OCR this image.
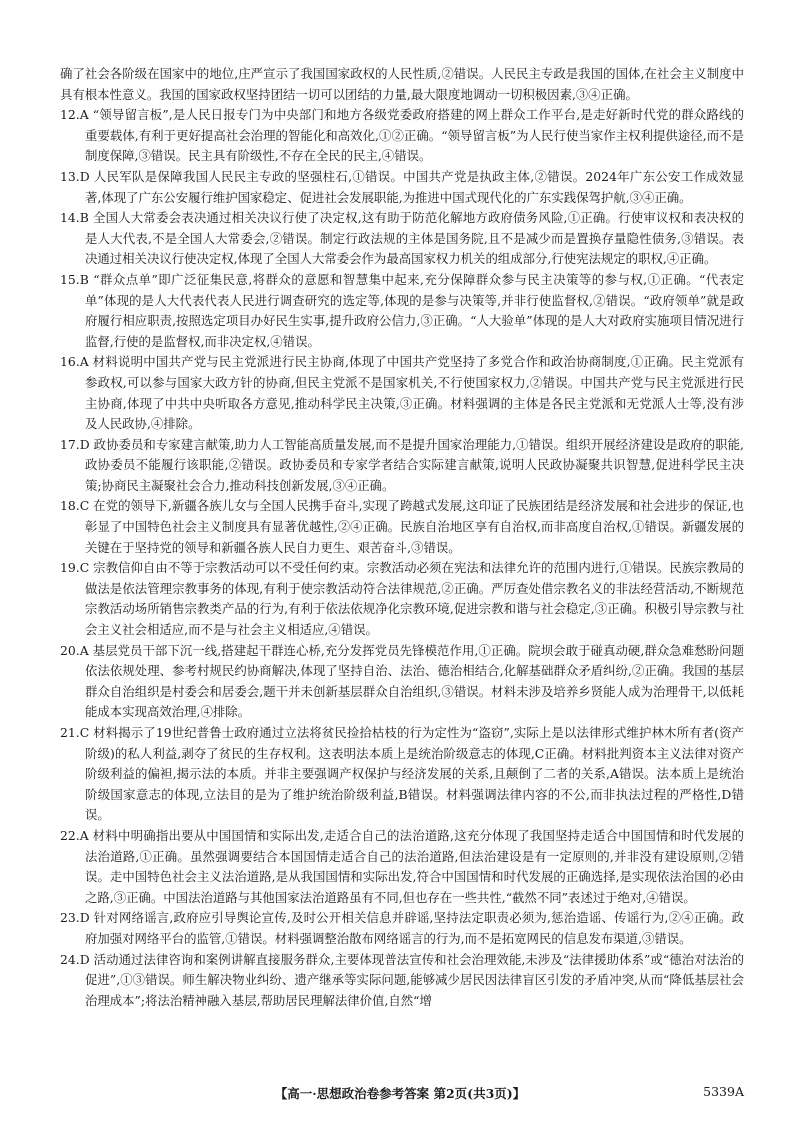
确了社会各阶级在国家中的地位,庄严宣示了我国国家政权的人民性质,②错误。人民民主专政是我国的国体,在社会主义制度中具有根本性意义。我国的国家政权坚持团结一切可以团结的力量,最大限度地调动一切积极因素,③④正确。

12.A “领导留言板”,是人民日报专门为中央部门和地方各级党委政府搭建的网上群众工作平台,是走好新时代党的群众路线的重要载体,有利于更好提高社会治理的智能化和高效化,①②正确。“领导留言板”为人民行使当家作主权利提供途径,而不是制度保障,③错误。民主具有阶级性,不存在全民的民主,④错误。

13.D 人民军队是保障我国人民民主专政的坚强柱石,①错误。中国共产党是执政主体,②错误。2024年广东公安工作成效显著,体现了广东公安履行维护国家稳定、促进社会发展职能,为推进中国式现代化的广东实践保驾护航,③④正确。

14.B 全国人大常委会表决通过相关决议行使了决定权,这有助于防范化解地方政府债务风险,①正确。行使审议权和表决权的是人大代表,不是全国人大常委会,②错误。制定行政法规的主体是国务院,且不是减少而是置换存量隐性债务,③错误。表决通过相关决议行使决定权,体现了全国人大常委会作为最高国家权力机关的组成部分,行使宪法规定的职权,④正确。

15.B “群众点单”即广泛征集民意,将群众的意愿和智慧集中起来,充分保障群众参与民主决策等的参与权,①正确。“代表定单”体现的是人大代表代表人民进行调查研究的选定等,体现的是参与决策等,并非行使监督权,②错误。“政府领单”就是政府履行相应职责,按照选定项目办好民生实事,提升政府公信力,③正确。“人大验单”体现的是人大对政府实施项目情况进行监督,行使的是监督权,而非决定权,④错误。

16.A 材料说明中国共产党与民主党派进行民主协商,体现了中国共产党坚持了多党合作和政治协商制度,①正确。民主党派有参政权,可以参与国家大政方针的协商,但民主党派不是国家机关,不行使国家权力,②错误。中国共产党与民主党派进行民主协商,体现了中共中央听取各方意见,推动科学民主决策,③正确。材料强调的主体是各民主党派和无党派人士等,没有涉及人民政协,④排除。

17.D 政协委员和专家建言献策,助力人工智能高质量发展,而不是提升国家治理能力,①错误。组织开展经济建设是政府的职能,政协委员不能履行该职能,②错误。政协委员和专家学者结合实际建言献策,说明人民政协凝聚共识智慧,促进科学民主决策;协商民主凝聚社会合力,推动科技创新发展,③④正确。

18.C 在党的领导下,新疆各族儿女与全国人民携手奋斗,实现了跨越式发展,这印证了民族团结是经济发展和社会进步的保证,也彰显了中国特色社会主义制度具有显著优越性,②④正确。民族自治地区享有自治权,而非高度自治权,①错误。新疆发展的关键在于坚持党的领导和新疆各族人民自力更生、艰苦奋斗,③错误。

19.C 宗教信仰自由不等于宗教活动可以不受任何约束。宗教活动必须在宪法和法律允许的范围内进行,①错误。民族宗教局的做法是依法管理宗教事务的体现,有利于使宗教活动符合法律规范,②正确。严厉查处借宗教名义的非法经营活动,不断规范宗教活动场所销售宗教类产品的行为,有利于依法依规净化宗教环境,促进宗教和谐与社会稳定,③正确。积极引导宗教与社会主义社会相适应,而不是与社会主义相适应,④错误。

20.A 基层党员干部下沉一线,搭建起干群连心桥,充分发挥党员先锋模范作用,①正确。院坝会敢于碰真动硬,群众急难愁盼问题依法依规处理、参考村规民约协商解决,体现了坚持自治、法治、德治相结合,化解基础群众矛盾纠纷,②正确。我国的基层群众自治组织是村委会和居委会,题干并未创新基层群众自治组织,③错误。材料未涉及培养乡贤能人成为治理骨干,以低耗能成本实现高效治理,④排除。

21.C 材料揭示了19世纪普鲁士政府通过立法将贫民捡拾枯枝的行为定性为“盗窃”,实际上是以法律形式维护林木所有者(资产阶级)的私人利益,剥夺了贫民的生存权利。这表明法本质上是统治阶级意志的体现,C正确。材料批判资本主义法律对资产阶级利益的偏袒,揭示法的本质。并非主要强调产权保护与经济发展的关系,且颠倒了二者的关系,A错误。法本质上是统治阶级国家意志的体现,立法目的是为了维护统治阶级利益,B错误。材料强调法律内容的不公,而非执法过程的严格性,D错误。

22.A 材料中明确指出要从中国国情和实际出发,走适合自己的法治道路,这充分体现了我国坚持走适合中国国情和时代发展的法治道路,①正确。虽然强调要结合本国国情走适合自己的法治道路,但法治建设是有一定原则的,并非没有建设原则,②错误。走中国特色社会主义法治道路,是从我国国情和实际出发,符合中国国情和时代发展的正确选择,是实现依法治国的必由之路,③正确。中国法治道路与其他国家法治道路虽有不同,但也存在一些共性,“截然不同”表述过于绝对,④错误。

23.D 针对网络谣言,政府应引导舆论宣传,及时公开相关信息并辟谣,坚持法定职责必须为,惩治造谣、传谣行为,②④正确。政府加强对网络平台的监管,①错误。材料强调整治散布网络谣言的行为,而不是拓宽网民的信息发布渠道,③错误。

24.D 活动通过法律咨询和案例讲解直接服务群众,主要体现普法宣传和社会治理效能,未涉及“法律援助体系”或“德治对法治的促进”,①③错误。师生解决物业纠纷、遗产继承等实际问题,能够减少居民因法律盲区引发的矛盾冲突,从而“降低基层社会治理成本”;将法治精神融入基层,帮助居民理解法律价值,自然“增

【高一·思想政治卷参考答案 第2页(共3页)】	5339A
